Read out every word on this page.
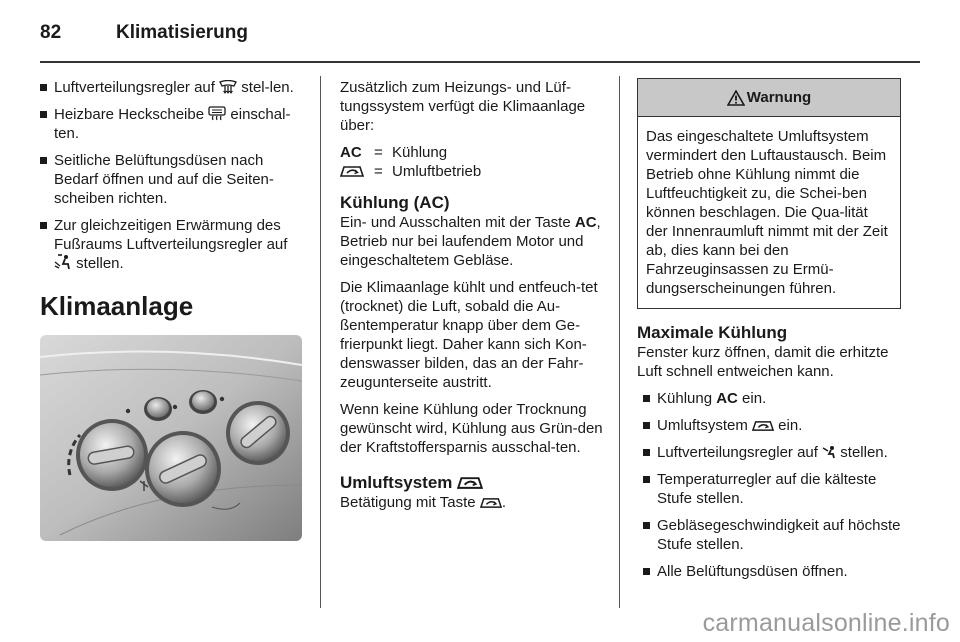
82	Klimatisierung
Luftverteilungsregler auf  stel-len.
Heizbare Heckscheibe  einschal-ten.
Seitliche Belüftungsdüsen nach Bedarf öffnen und auf die Seiten-scheiben richten.
Zur gleichzeitigen Erwärmung des Fußraums Luftverteilungsregler auf  stellen.
Klimaanlage

Zusätzlich zum Heizungs- und Lüf-tungssystem verfügt die Klimaanlage über:

AC = Kühlung
= Umluftbetrieb
Kühlung (AC)

Ein- und Ausschalten mit der Taste AC, Betrieb nur bei laufendem Motor und eingeschaltetem Gebläse.

Die Klimaanlage kühlt und entfeuch-tet (trocknet) die Luft, sobald die Au-ßentemperatur knapp über dem Ge-frierpunkt liegt. Daher kann sich Kon-denswasser bilden, das an der Fahr-zeugunterseite austritt.

Wenn keine Kühlung oder Trocknung gewünscht wird, Kühlung aus Grün-den der Kraftstoffersparnis ausschal-ten.

Umluftsystem

Betätigung mit Taste .

Warnung
Das eingeschaltete Umluftsystem vermindert den Luftaustausch. Beim Betrieb ohne Kühlung nimmt die Luftfeuchtigkeit zu, die Schei-ben können beschlagen. Die Qua-lität der Innenraumluft nimmt mit der Zeit ab, dies kann bei den Fahrzeuginsassen zu Ermü-dungserscheinungen führen.
Maximale Kühlung

Fenster kurz öffnen, damit die erhitzte Luft schnell entweichen kann.

Kühlung AC ein.
Umluftsystem  ein.
Luftverteilungsregler auf  stellen.
Temperaturregler auf die kälteste Stufe stellen.
Gebläsegeschwindigkeit auf höchste Stufe stellen.
Alle Belüftungsdüsen öffnen.
carmanualsonline.info
